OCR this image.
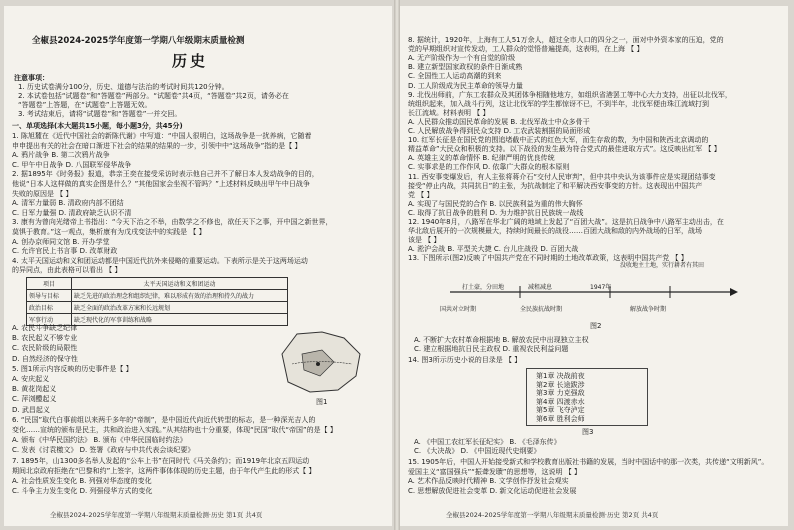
全椒县2024-2025学年度第一学期八年级期末质量检测
历史
注意事项：
1. 历史试卷满分100分，历史、道德与法治的考试时间共120分钟。
2. 本试卷包括“试题卷”和“答题卷”两部分。“试题卷”共4页，“答题卷”共2页，请务必在
“答题卷”上答题，在“试题卷”上答题无效。
3. 考试结束后，请将“试题卷”和“答题卷”一并交回。
一、单项选择(本大题共15小题，每小题3分，共45分)
1. 陈旭麓在《近代中国社会的新陈代谢》中写道：“中国人很明白，这场战争是一扰养病，它随着
申申提出有关的社会在暗口渐进下社会的结果的结果的一步，引领中中“这场战争”指的是【 】
A. 鸦片战争 B. 第二次鸦片战争
C. 甲午中日战争 D. 八国联军侵华战争
2. 据1895年《时务报》报道，恭亲王奕在接受采访时表示他自己并不了解日本人发动战争的目的，
他说“日本人这样做的真实企图是什么？”其他国家会坐视不管吗？”上述材料反映出甲午中日战争
失败的原因是 【 】
A. 清军力量弱 B. 清政府内部不团结
C. 日军力量强 D. 清政府缺乏认识不清
3. 康有为曾向光绪帝上书指出：“今天下治之不举，由数学之不修也，欲任天下之事，开中国之新世界，
莫惧于教育。”这一观点，集析康有为戊戌变法中的实践是 【 】
A. 创办京师同文馆 B. 开办学堂
C. 允许官民上书言事 D. 改革财政
4. 太平天国运动和义和团运动都是中国近代抗外来侵略的重要运动。下表所示是关于这两场运动
的异同点，由此表格可以看出 【 】
项目	太平天国运动和义和团运动
领导与目标	缺乏先进的政治理念和组织纪律，难以形成有效的治理和持久的战力
政治目标	缺乏全面的政治改革方案和长远规划
军事行动	缺乏现代化的军事训练和战略
A. 农民斗争缺乏纪律
B. 农民起义不够专业
C. 农民阶级的局限性
D. 自然经济的保守性
5. 图1所示内容反映的历史事件是【 】
A. 安庆起义
B. 黄花岗起义
C. 萍浏醴起义
D. 武昌起义
6. “民国”取代白事前组以来两千多年的“帝制”，是中国近代向近代转型的标志，是一种深光吉人的
变化……宣统的颁布是民主，共和政治进入实践。”从其结构也十分重要，体现“民国”取代“帝国”的是【 】
A. 颁布《中华民国约法》 B. 颁布《中华民国临时约法》
C. 发表《讨袁檄文》 D. 签署《政府与中共代表会谈纪要》
7. 1895年，山1300多名举人发起的“公车上书”在同时代《马关条约》；而1919年北京五四运动
期间北京政府拒绝在“巴黎和约”上签字，这两件事体体现的历史主题，由于年代产生此的形式【 】
A. 社会性质发生变化 B. 列强对华态度的变化
C. 斗争主力发生变化 D. 列强侵华方式的变化
图1
全椒县2024-2025学年度第一学期八年级期末质量检测·历史 第1页 共4页
8. 据统计，1920年，上海有工人51万余人，超过全市人口的四分之一，面对中外资本家的压迫，党的
党的早期组织对宣传发动，工人群众的觉悟普遍提高，这表明，在上海 【 】
A. 无产阶级作为一个有自觉的阶级
B. 建立新型国家政权的条件日渐成熟
C. 全国性工人运动高潮的到来
D. 工人阶级成为民主革命的领导力量
9. 北伐出师前，广东工农群众及其团体争相随他地方，如组织省港罢工等中心大力支持，出征以北伐军，
统组织起来，加入战斗行列，这让北伐军的学生都惊讶不已，不到半年，北伐军便由珠江流域打到
长江流域。材料表明 【 】
A. 人民群众推动国民革命的发展 B. 北伐军战士中众多骨干
C. 人民解放战争得到民众支持 D. 工农武装割据的局面形成
10. 红军长征是在国民党的围追堵截中正式的红色大军，而生存敌的数，为中国和陕西北京调动的
精益革命”大民众和积极的支持。以下战役的发生最为符合党式的最佳进取方式”。这反映出红军 【 】
A. 英雄主义的革命情怀 B. 纪律严明的优良传统
C. 实事求是的工作作风 D. 依靠广大群众的根本原则
11. 西安事变爆发后，有人主张将蒋介石“交付人民审判”，但中共中央认为该事件应是实现团结事变
接受“停止内战，共同抗日”的主张，为抗战制定了和平解决西安事变的方针。这表现出中国共产
党 【 】
A. 实现了与国民党的合作 B. 以民族利益为重的伟大胸怀
C. 取得了抗日战争的胜利 D. 为力维护抗日民族统一战线
12. 1940年8月，八路军在华北广阔的地域上发起了“百团大战”。这是抗日战争中八路军主动出击，在
华北敌后展开的一次规模最大，持续时间最长的战役……百团大战和敌的内外战场的日军，战场
该是 【 】
A. 淞沪会战 B. 平型关大捷 C. 台儿庄战役 D. 百团大战
13. 下图所示(图2)反映了中国共产党在不同时期的土地改革政策，这表明中国共产党 【 】
没收地主土地，实行耕者有其田
打土豪，分田地	减租减息	1947年
国共对立时期	全民族抗战时期	解放战争时期
图2
A. 不断扩大农村革命根据地 B. 解放农民中出现独立主权
C. 建立根据地抗日民主政权 D. 重视农民利益问题
14. 图3所示历史小说的目录是 【 】
第1章 决战前夜
第2章 长途跋涉
第3章 力克强敌
第4章 四渡赤水
第5章 飞夺泸定
第6章 胜利会师
图3
A. 《中国工农红军长征纪实》 B. 《毛泽东传》
C. 《大决战》 D. 《中国近现代史纲要》
15. 1905年后，中国人开始接受新式和学校教育出版社书籍的发展，当时中国话中的那一次类，共传递“文明新风”。
爱国主义“富国强兵”“振聋发聩”的思想等，这说明 【 】
A. 艺术作品反映时代精神 B. 文学创作抒发社会观实
C. 思想解放促进社会变革 D. 新文化运动促进社会发展
全椒县2024-2025学年度第一学期八年级期末质量检测·历史 第2页 共4页
